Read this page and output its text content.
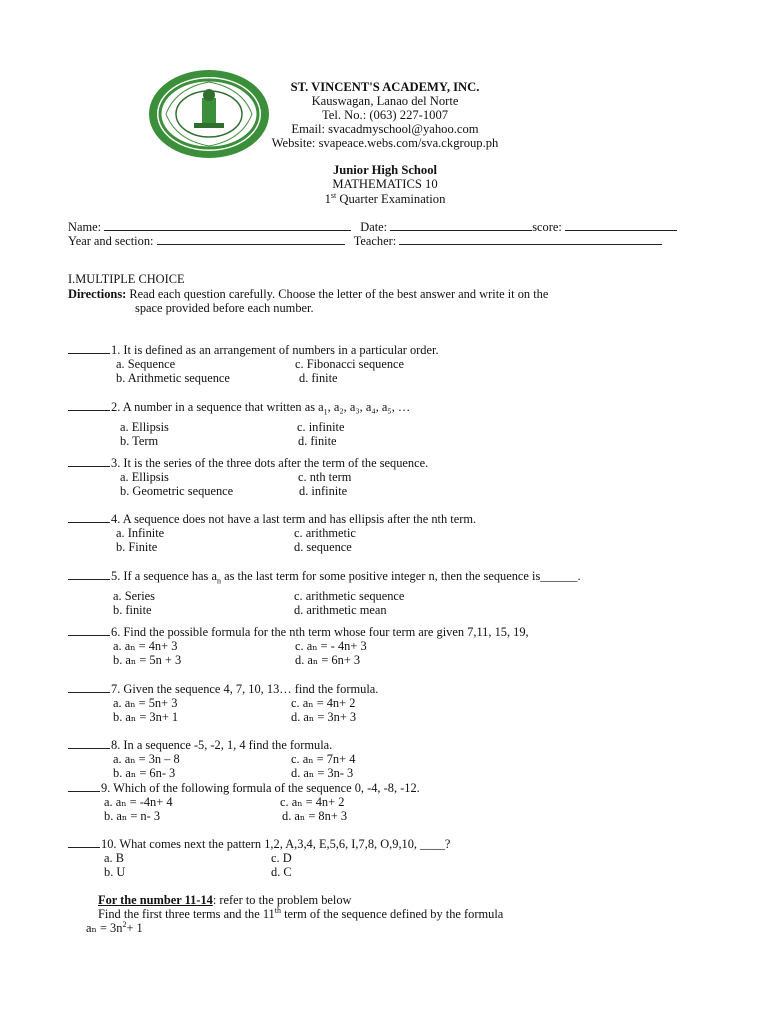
ST. VINCENT'S ACADEMY, INC.
Kauswagan, Lanao del Norte
Tel. No.: (063) 227-1007
Email: svacadmyschool@yahoo.com
Website: svapeace.webs.com/sva.ckgroup.ph
Junior High School
MATHEMATICS 10
1st Quarter Examination
Name:	Date:	score:
Year and section:	Teacher:
I.MULTIPLE CHOICE
Directions: Read each question carefully. Choose the letter of the best answer and write it on the
space provided before each number.
1. It is defined as an arrangement of numbers in a particular order.
a. Sequence	c. Fibonacci sequence
b. Arithmetic sequence	d. finite
2. A number in a sequence that written as $a_1$, a₂, a₃, a₄, a₅, …
a. Ellipsis	c. infinite
b. Term	d. finite
3. It is the series of the three dots after the term of the sequence.
a. Ellipsis	c. nth term
b. Geometric sequence	d. infinite
4. A sequence does not have a last term and has ellipsis after the nth term.
a. Infinite	c. arithmetic
b. Finite	d. sequence
5. If a sequence has $a_n$ as the last term for some positive integer n, then the sequence is______.
a. Series	c. arithmetic sequence
b. finite	d. arithmetic mean
6. Find the possible formula for the nth term whose four term are given 7,11, 15, 19,
a. aₙ = 4n+ 3	c. aₙ = - 4n+ 3
b. aₙ = 5n + 3	d. aₙ = 6n+ 3
7. Given the sequence 4, 7, 10, 13… find the formula.
a. aₙ = 5n+ 3	c. aₙ = 4n+ 2
b. aₙ = 3n+ 1	d. aₙ = 3n+ 3
8. In a sequence -5, -2, 1, 4 find the formula.
a. aₙ = 3n – 8	c. aₙ = 7n+ 4
b. aₙ = 6n- 3	d. aₙ = 3n- 3
9. Which of the following formula of the sequence 0, -4, -8, -12.
a. aₙ = -4n+ 4	c. aₙ = 4n+ 2
b. aₙ = n- 3	d. aₙ = 8n+ 3
10. What comes next the pattern 1,2, A,3,4, E,5,6, I,7,8, O,9,10, ____?
a. B	c. D
b. U	d. C
For the number 11-14: refer to the problem below
Find the first three terms and the 11th term of the sequence defined by the formula
$a_n = 3n^2+ 1$
